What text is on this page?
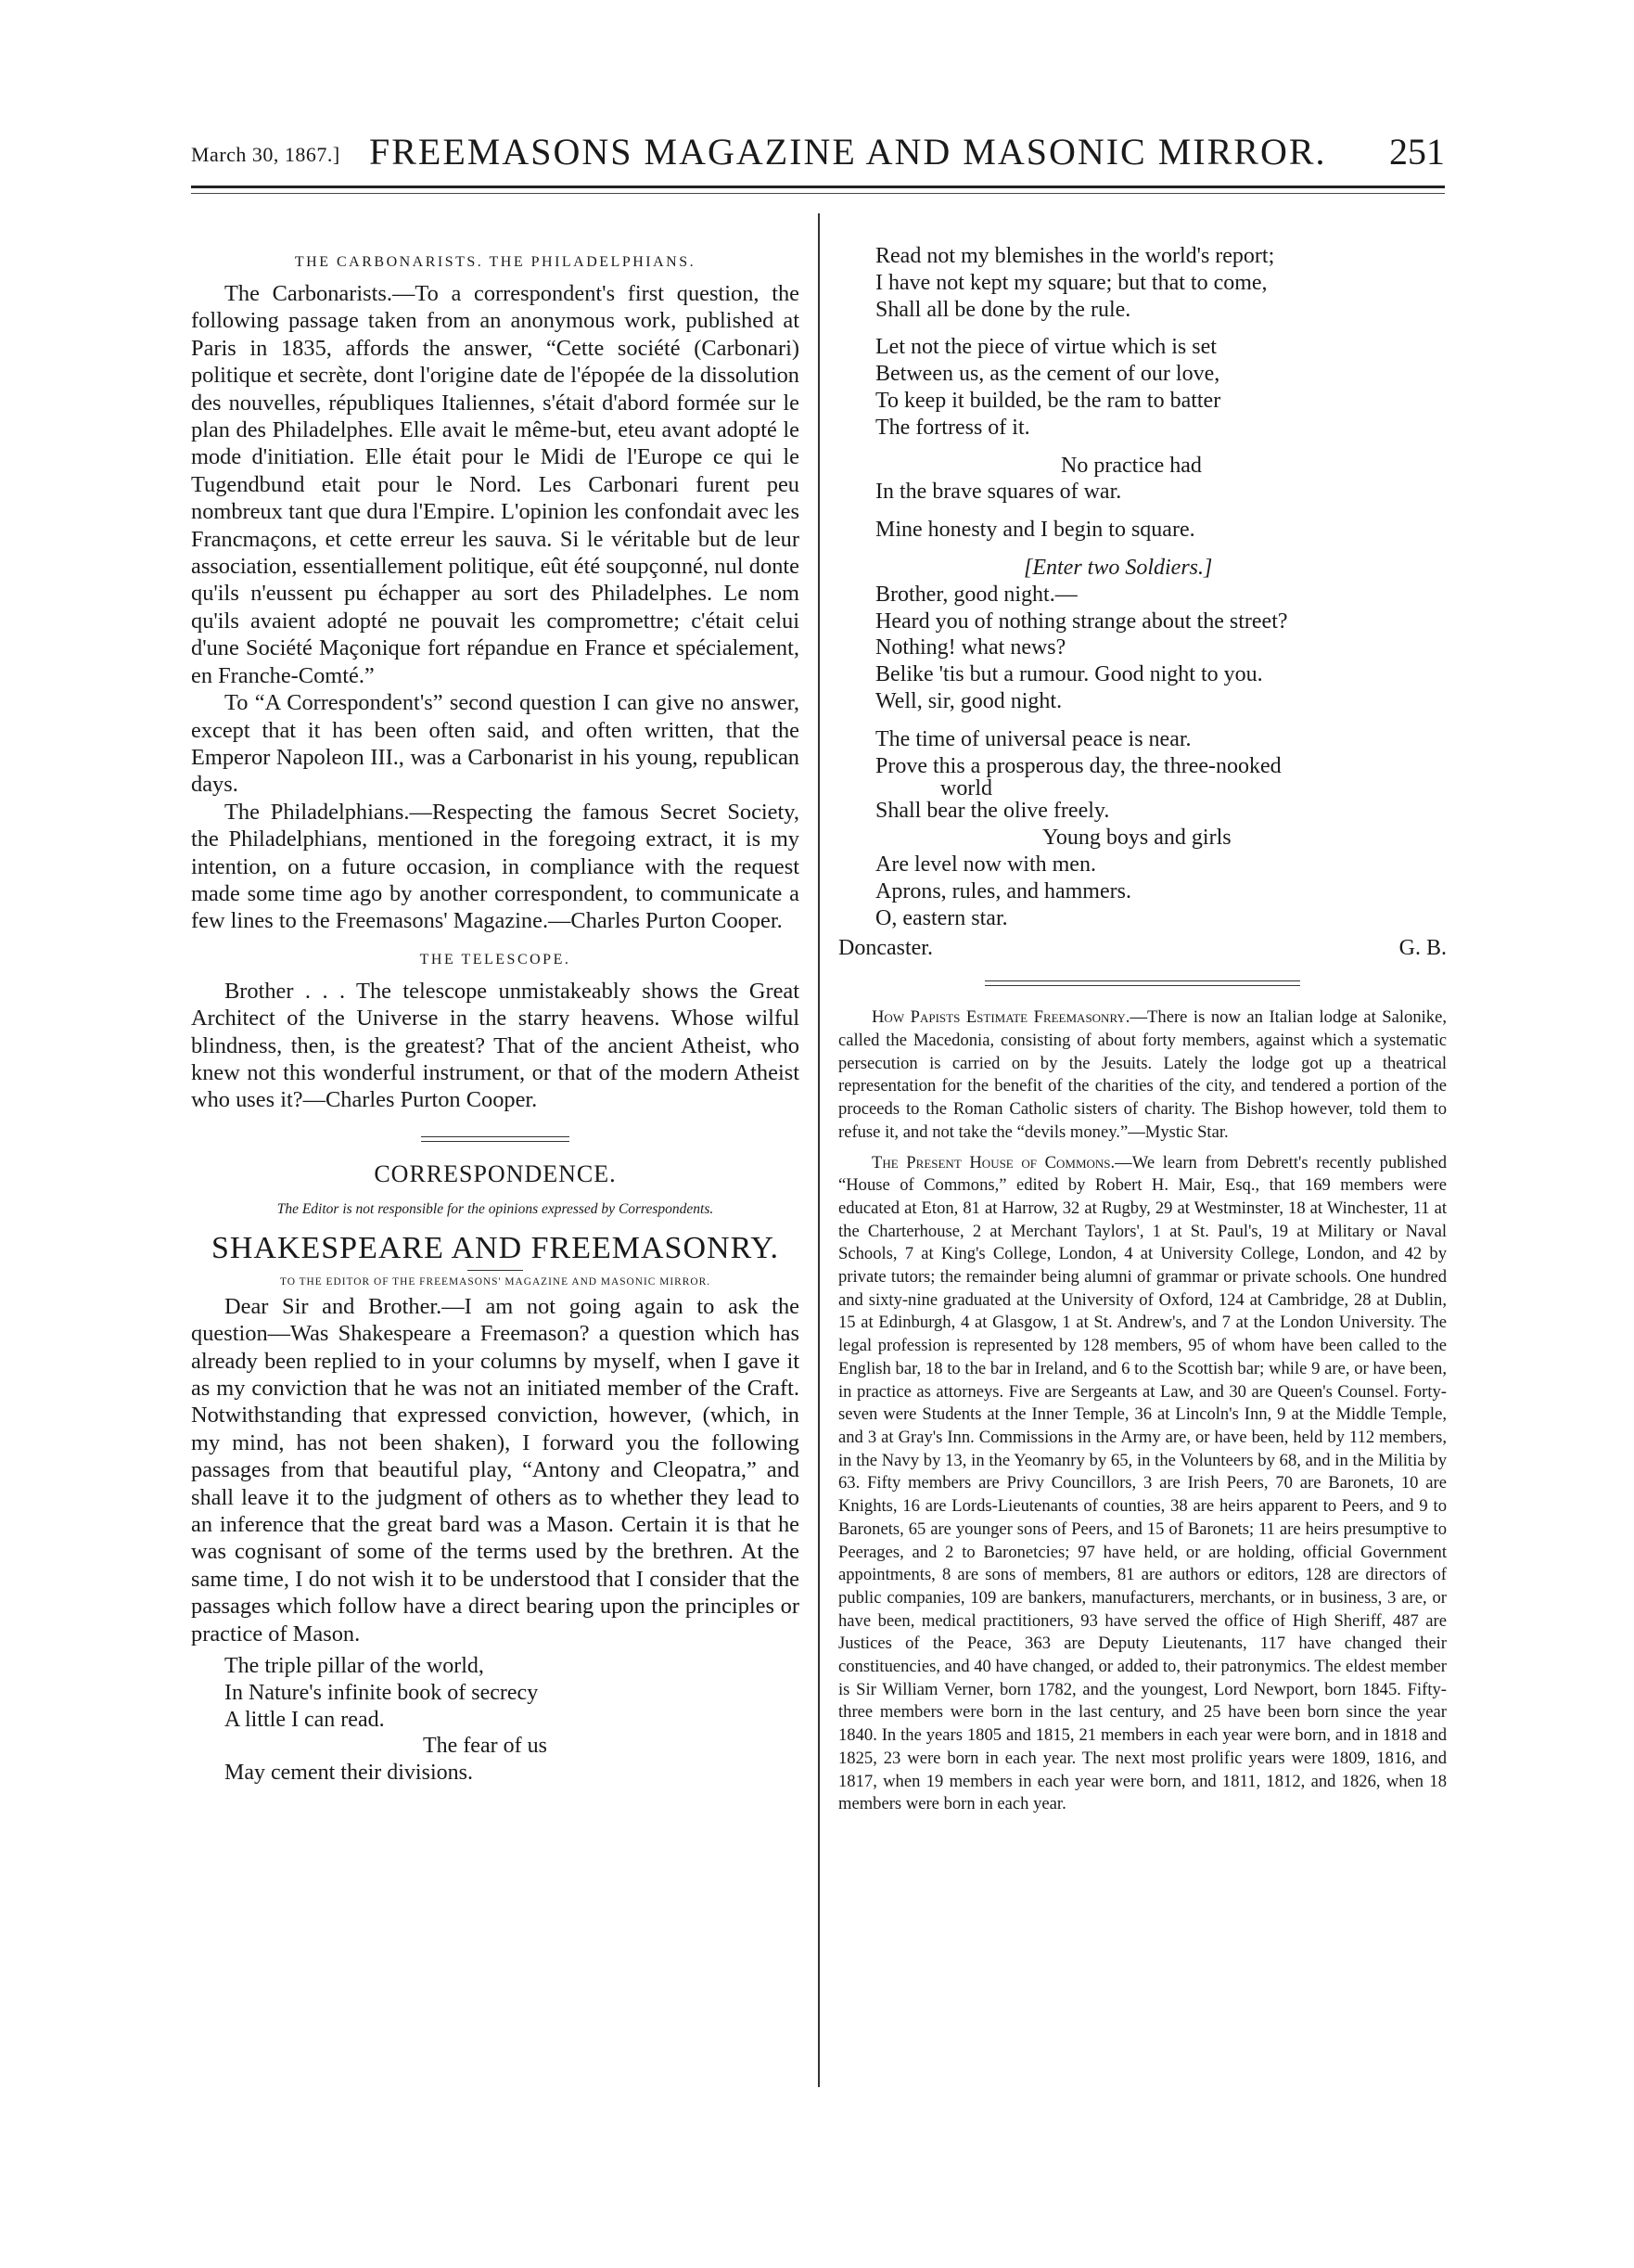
March 30, 1867.] FREEMASONS MAGAZINE AND MASONIC MIRROR. 251
THE CARBONARISTS. THE PHILADELPHIANS.

The Carbonarists.—To a correspondent's first question, the following passage taken from an anonymous work, published at Paris in 1835, affords the answer, “Cette société (Carbonari) politique et secrète, dont l'origine date de l'épopée de la dissolution des nouvelles, républiques Italiennes, s'était d'abord formée sur le plan des Philadelphes. Elle avait le même-but, eteu avant adopté le mode d'initiation. Elle était pour le Midi de l'Europe ce qui le Tugendbund etait pour le Nord. Les Carbonari furent peu nombreux tant que dura l'Empire. L'opinion les confondait avec les Francmaçons, et cette erreur les sauva. Si le véritable but de leur association, essentiallement politique, eût été soupçonné, nul donte qu'ils n'eussent pu échapper au sort des Philadelphes. Le nom qu'ils avaient adopté ne pouvait les compromettre; c'était celui d'une Société Maçonique fort répandue en France et spécialement, en Franche-Comté.”

To “A Correspondent's” second question I can give no answer, except that it has been often said, and often written, that the Emperor Napoleon III., was a Carbonarist in his young, republican days.

The Philadelphians.—Respecting the famous Secret Society, the Philadelphians, mentioned in the foregoing extract, it is my intention, on a future occasion, in compliance with the request made some time ago by another correspondent, to communicate a few lines to the Freemasons' Magazine.—Charles Purton Cooper.

THE TELESCOPE.

Brother . . . The telescope unmistakeably shows the Great Architect of the Universe in the starry heavens. Whose wilful blindness, then, is the greatest? That of the ancient Atheist, who knew not this wonderful instrument, or that of the modern Atheist who uses it?—Charles Purton Cooper.

CORRESPONDENCE.
The Editor is not responsible for the opinions expressed by Correspondents.
SHAKESPEARE AND FREEMASONRY.
TO THE EDITOR OF THE FREEMASONS' MAGAZINE AND MASONIC MIRROR.

Dear Sir and Brother.—I am not going again to ask the question—Was Shakespeare a Freemason? a question which has already been replied to in your columns by myself, when I gave it as my conviction that he was not an initiated member of the Craft. Notwithstanding that expressed conviction, however, (which, in my mind, has not been shaken), I forward you the following passages from that beautiful play, “Antony and Cleopatra,” and shall leave it to the judgment of others as to whether they lead to an inference that the great bard was a Mason. Certain it is that he was cognisant of some of the terms used by the brethren. At the same time, I do not wish it to be understood that I consider that the passages which follow have a direct bearing upon the principles or practice of Mason.

The triple pillar of the world,
In Nature's infinite book of secrecy
A little I can read.
The fear of us
May cement their divisions.
Read not my blemishes in the world's report;
I have not kept my square; but that to come,
Shall all be done by the rule.
Let not the piece of virtue which is set
Between us, as the cement of our love,
To keep it builded, be the ram to batter
The fortress of it.
No practice had
In the brave squares of war.
Mine honesty and I begin to square.
[Enter two Soldiers.]
Brother, good night.—
Heard you of nothing strange about the street?
Nothing! what news?
Belike 'tis but a rumour. Good night to you.
Well, sir, good night.
The time of universal peace is near.
Prove this a prosperous day, the three-nooked
world
Shall bear the olive freely.
Young boys and girls
Are level now with men.
Aprons, rules, and hammers.
O, eastern star.
Doncaster.	G. B.

How Papists Estimate Freemasonry.—There is now an Italian lodge at Salonike, called the Macedonia, consisting of about forty members, against which a systematic persecution is carried on by the Jesuits. Lately the lodge got up a theatrical representation for the benefit of the charities of the city, and tendered a portion of the proceeds to the Roman Catholic sisters of charity. The Bishop however, told them to refuse it, and not take the “devils money.”—Mystic Star.

The Present House of Commons.—We learn from Debrett's recently published “House of Commons,” edited by Robert H. Mair, Esq., that 169 members were educated at Eton, 81 at Harrow, 32 at Rugby, 29 at Westminster, 18 at Winchester, 11 at the Charterhouse, 2 at Merchant Taylors', 1 at St. Paul's, 19 at Military or Naval Schools, 7 at King's College, London, 4 at University College, London, and 42 by private tutors; the remainder being alumni of grammar or private schools. One hundred and sixty-nine graduated at the University of Oxford, 124 at Cambridge, 28 at Dublin, 15 at Edinburgh, 4 at Glasgow, 1 at St. Andrew's, and 7 at the London University. The legal profession is represented by 128 members, 95 of whom have been called to the English bar, 18 to the bar in Ireland, and 6 to the Scottish bar; while 9 are, or have been, in practice as attorneys. Five are Sergeants at Law, and 30 are Queen's Counsel. Forty-seven were Students at the Inner Temple, 36 at Lincoln's Inn, 9 at the Middle Temple, and 3 at Gray's Inn. Commissions in the Army are, or have been, held by 112 members, in the Navy by 13, in the Yeomanry by 65, in the Volunteers by 68, and in the Militia by 63. Fifty members are Privy Councillors, 3 are Irish Peers, 70 are Baronets, 10 are Knights, 16 are Lords-Lieutenants of counties, 38 are heirs apparent to Peers, and 9 to Baronets, 65 are younger sons of Peers, and 15 of Baronets; 11 are heirs presumptive to Peerages, and 2 to Baronetcies; 97 have held, or are holding, official Government appointments, 8 are sons of members, 81 are authors or editors, 128 are directors of public companies, 109 are bankers, manufacturers, merchants, or in business, 3 are, or have been, medical practitioners, 93 have served the office of High Sheriff, 487 are Justices of the Peace, 363 are Deputy Lieutenants, 117 have changed their constituencies, and 40 have changed, or added to, their patronymics. The eldest member is Sir William Verner, born 1782, and the youngest, Lord Newport, born 1845. Fifty-three members were born in the last century, and 25 have been born since the year 1840. In the years 1805 and 1815, 21 members in each year were born, and in 1818 and 1825, 23 were born in each year. The next most prolific years were 1809, 1816, and 1817, when 19 members in each year were born, and 1811, 1812, and 1826, when 18 members were born in each year.
